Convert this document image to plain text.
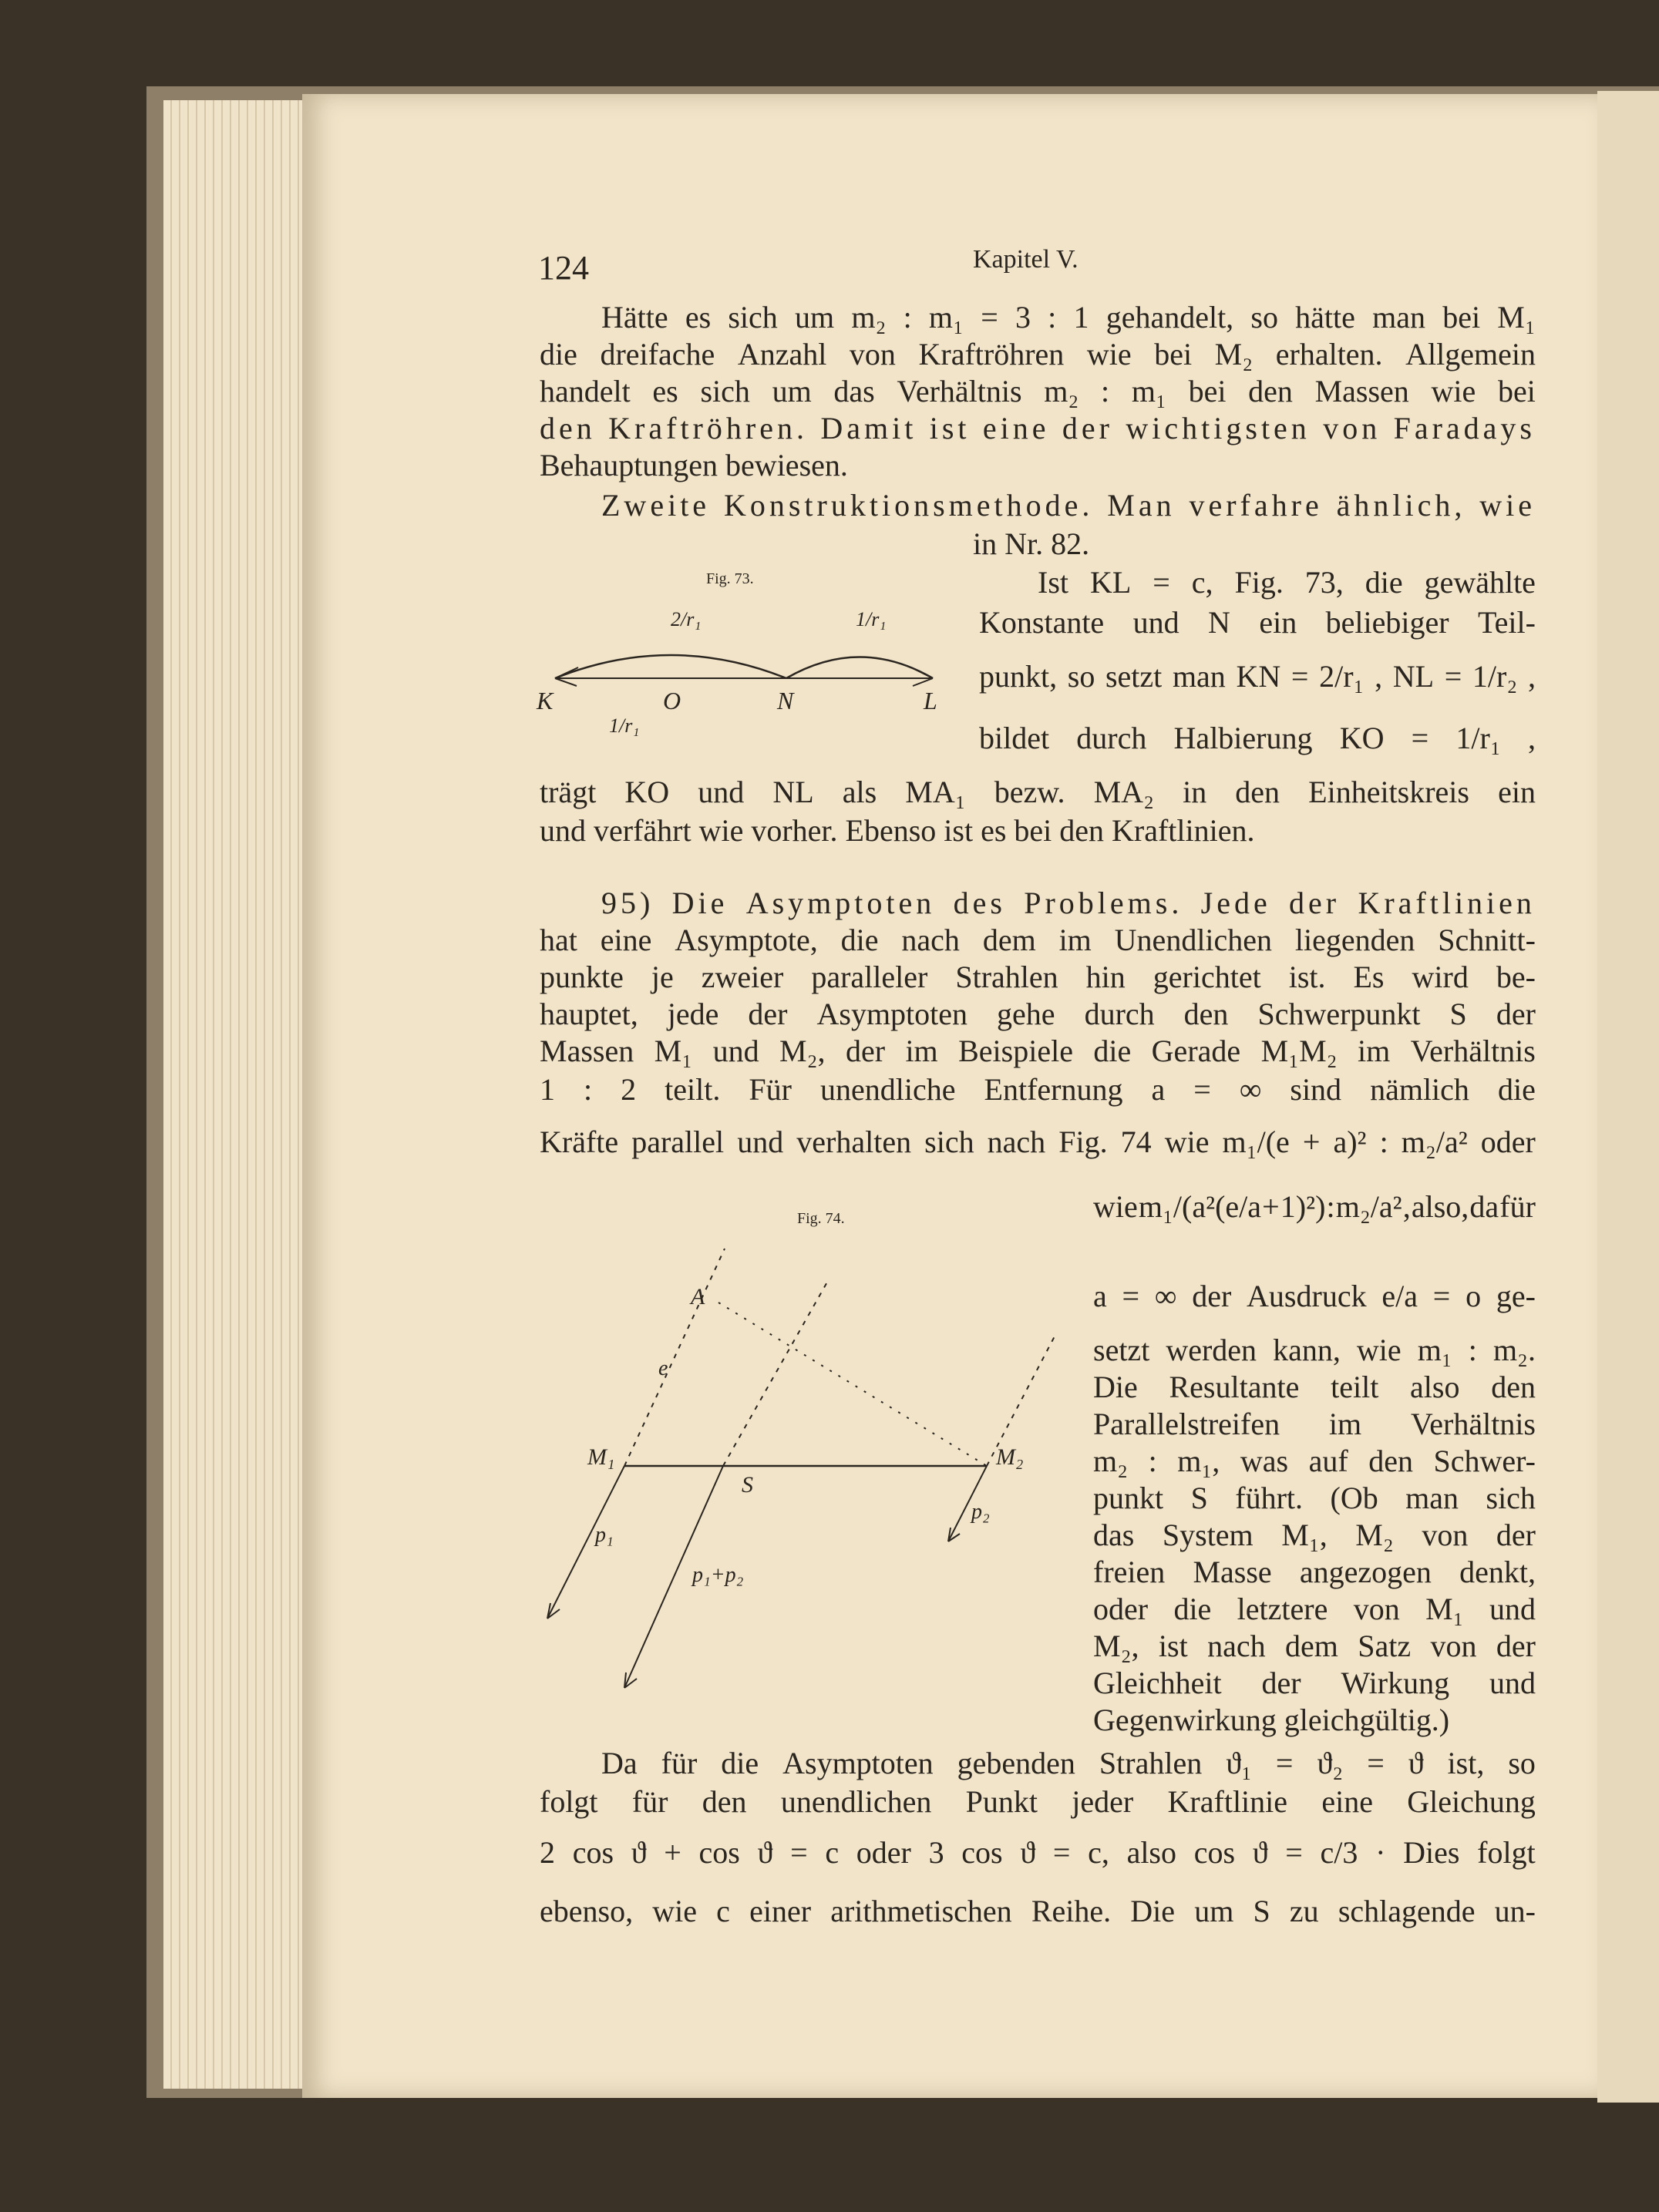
124	Kapitel V.
Hätte es sich um m₂ : m₁ = 3 : 1 gehandelt, so hätte man bei M₁
die dreifache Anzahl von Kraftröhren wie bei M₂ erhalten. Allgemein
handelt es sich um das Verhältnis m₂ : m₁ bei den Massen wie bei
den Kraftröhren. Damit ist eine der wichtigsten von Faradays
Behauptungen bewiesen.
Zweite Konstruktionsmethode. Man verfahre ähnlich, wie
in Nr. 82.
Ist KL = c, Fig. 73, die gewählte
Konstante und N ein beliebiger Teil-
punkt, so setzt man KN = 2/r₁ , NL = 1/r₂ ,
bildet durch Halbierung KO = 1/r₁ ,
trägt KO und NL als MA₁ bezw. MA₂ in den Einheitskreis ein
und verfährt wie vorher. Ebenso ist es bei den Kraftlinien.
95) Die Asymptoten des Problems. Jede der Kraftlinien
hat eine Asymptote, die nach dem im Unendlichen liegenden Schnitt-
punkte je zweier paralleler Strahlen hin gerichtet ist. Es wird be-
hauptet, jede der Asymptoten gehe durch den Schwerpunkt S der
Massen M₁ und M₂, der im Beispiele die Gerade M₁M₂ im Verhältnis
1 : 2 teilt. Für unendliche Entfernung a = ∞ sind nämlich die
Kräfte parallel und verhalten sich nach Fig. 74 wie m₁/(e + a)² : m₂/a² oder
wie m₁/(a²(e/a + 1)²) : m₂/a² , also, da für
a = ∞ der Ausdruck e/a = o ge-
setzt werden kann, wie m₁ : m₂.
Die Resultante teilt also den
Parallelstreifen im Verhältnis
m₂ : m₁, was auf den Schwer-
punkt S führt. (Ob man sich
das System M₁, M₂ von der
freien Masse angezogen denkt,
oder die letztere von M₁ und
M₂, ist nach dem Satz von der
Gleichheit der Wirkung und
Gegenwirkung gleichgültig.)
Da für die Asymptoten gebenden Strahlen ϑ₁ = ϑ₂ = ϑ ist, so
folgt für den unendlichen Punkt jeder Kraftlinie eine Gleichung
2 cos ϑ + cos ϑ = c oder 3 cos ϑ = c, also cos ϑ = c/3 · Dies folgt
ebenso, wie c einer arithmetischen Reihe. Die um S zu schlagende un-
Fig. 73.
K	O	N	L
2/r₁	1/r₁
1/r₁
Fig. 74.
A
e
M₁	M₂
S
p₁
p₂
p₁+p₂
